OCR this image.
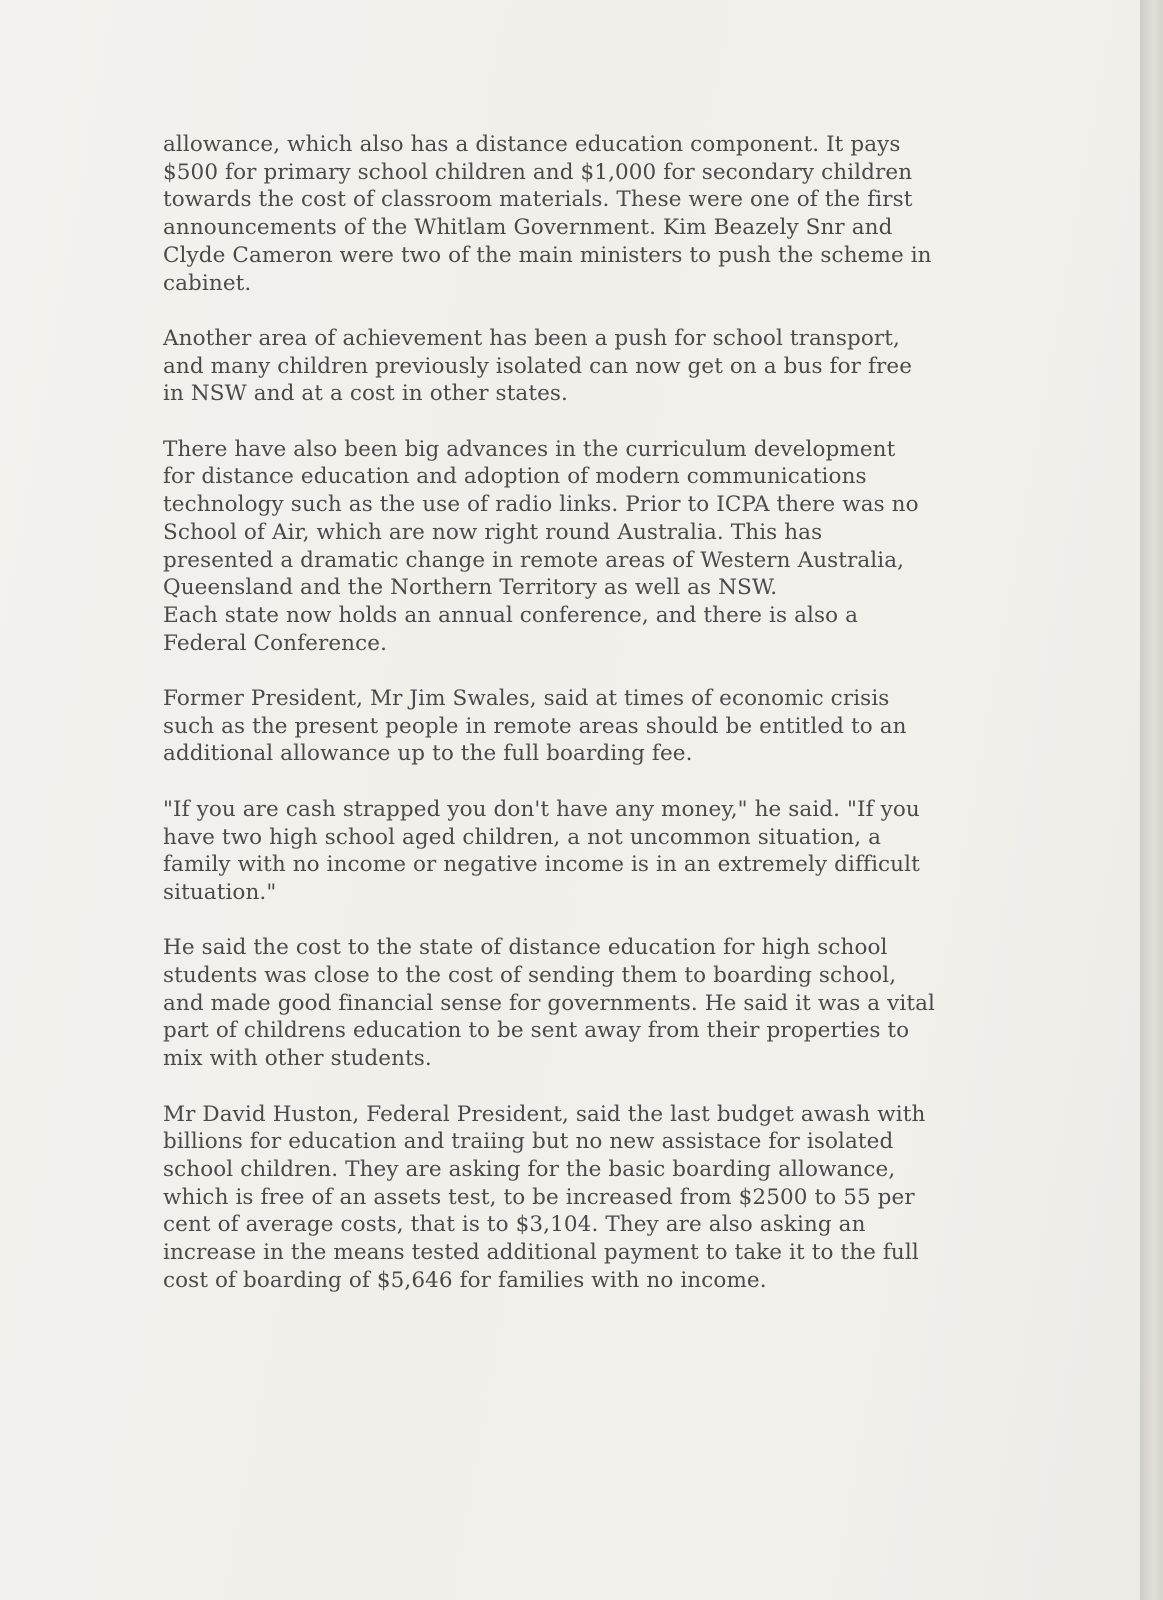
allowance, which also has a distance education component. It pays
$500 for primary school children and $1,000 for secondary children
towards the cost of classroom materials. These were one of the first
announcements of the Whitlam Government. Kim Beazely Snr and
Clyde Cameron were two of the main ministers to push the scheme in
cabinet.

Another area of achievement has been a push for school transport,
and many children previously isolated can now get on a bus for free
in NSW and at a cost in other states.

There have also been big advances in the curriculum development
for distance education and adoption of modern communications
technology such as the use of radio links. Prior to ICPA there was no
School of Air, which are now right round Australia. This has
presented a dramatic change in remote areas of Western Australia,
Queensland and the Northern Territory as well as NSW.
Each state now holds an annual conference, and there is also a
Federal Conference.

Former President, Mr Jim Swales, said at times of economic crisis
such as the present people in remote areas should be entitled to an
additional allowance up to the full boarding fee.

"If you are cash strapped you don't have any money," he said. "If you
have two high school aged children, a not uncommon situation, a
family with no income or negative income is in an extremely difficult
situation."

He said the cost to the state of distance education for high school
students was close to the cost of sending them to boarding school,
and made good financial sense for governments. He said it was a vital
part of childrens education to be sent away from their properties to
mix with other students.

Mr David Huston, Federal President, said the last budget awash with
billions for education and traiing but no new assistace for isolated
school children. They are asking for the basic boarding allowance,
which is free of an assets test, to be increased from $2500 to 55 per
cent of average costs, that is to $3,104. They are also asking an
increase in the means tested additional payment to take it to the full
cost of boarding of $5,646 for families with no income.
